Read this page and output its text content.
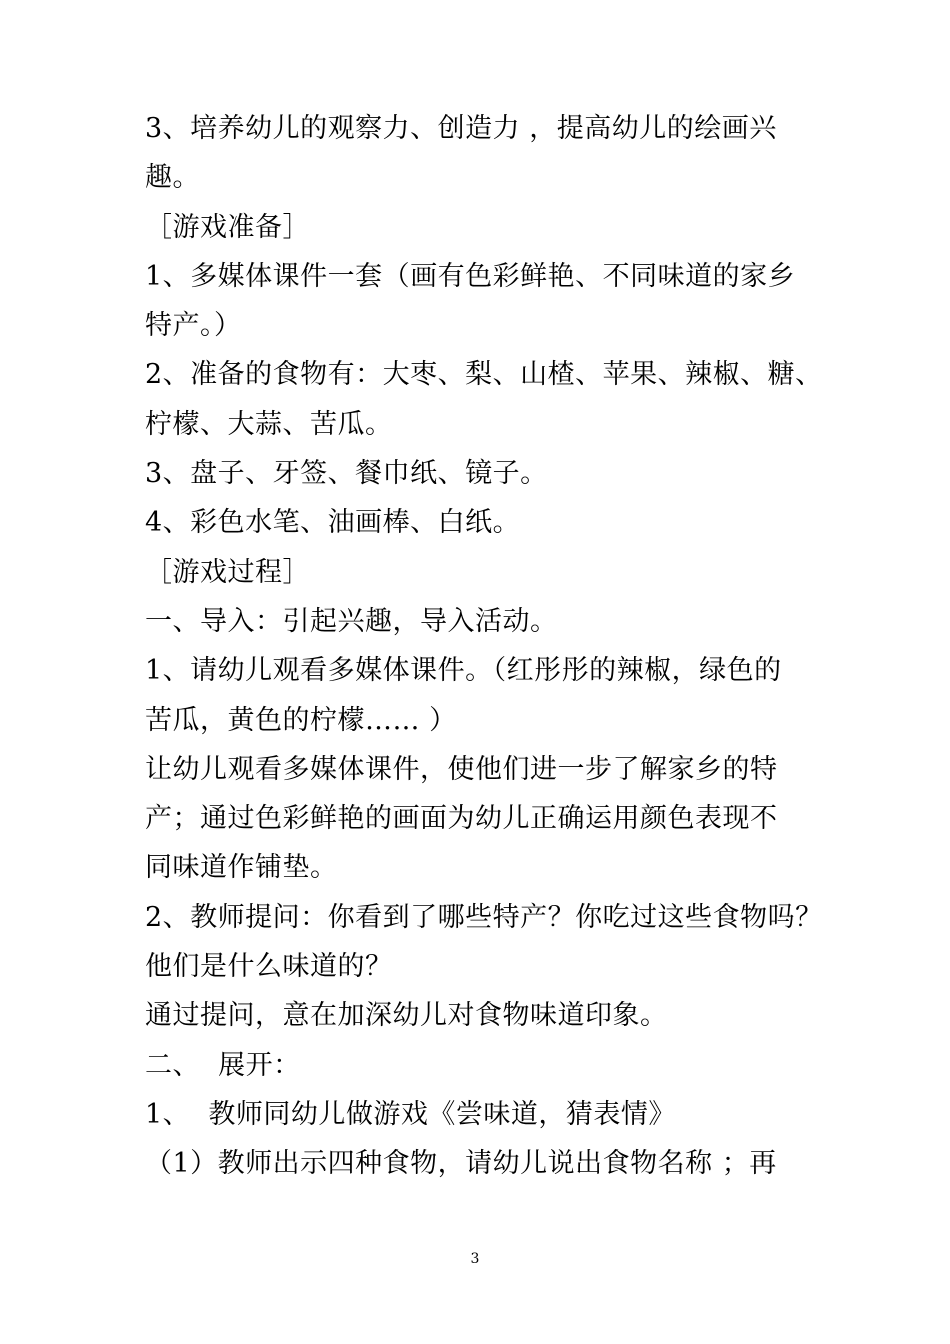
3、培养幼儿的观察力、创造力 ，提高幼儿的绘画兴
趣。
［游戏准备］
1、多媒体课件一套（画有色彩鲜艳、不同味道的家乡
特产。）
2、准备的食物有：大枣、梨、山楂、苹果、辣椒、糖、
柠檬、大蒜、苦瓜。
3、盘子、牙签、餐巾纸、镜子。
4、彩色水笔、油画棒、白纸。
［游戏过程］
一、导入：引起兴趣，导入活动。
1、请幼儿观看多媒体课件。（红彤彤的辣椒，绿色的
苦瓜，黄色的柠檬…… ）
让幼儿观看多媒体课件，使他们进一步了解家乡的特
产；通过色彩鲜艳的画面为幼儿正确运用颜色表现不
同味道作铺垫。
2、教师提问：你看到了哪些特产？你吃过这些食物吗？
他们是什么味道的？
通过提问，意在加深幼儿对食物味道印象。
二、  展开：
1、  教师同幼儿做游戏《尝味道，猜表情》
（1）教师出示四种食物，请幼儿说出食物名称 ；再
3
